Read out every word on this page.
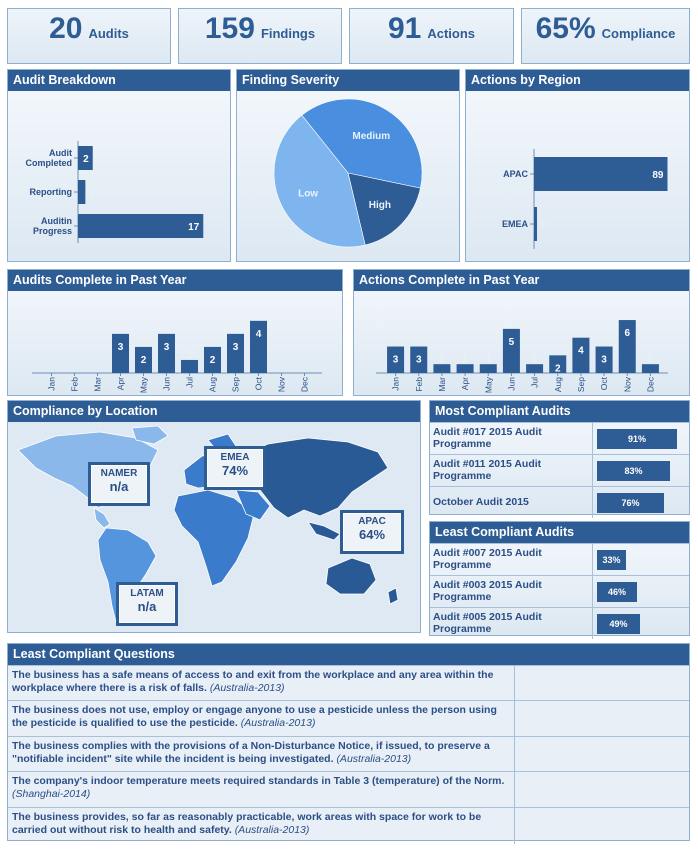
20 Audits	159 Findings 91 Actions 65% Compliance
Audit Breakdown
2
Audit
Completed
1
Reporting
17
Auditin
Progress
Finding Severity
Medium
High
Low
Actions by Region
89
APAC
2
EMEA
Audits Complete in Past Year
Jan Feb Mar
3
Apr
2
May
3
Jun
1
Jul
2
Aug
3
Sep
4
Oct Nov Dec
Actions Complete in Past Year
3
Jan
3
Feb
1
Mar
1
Apr
1
May
5
Jun
1
Jul
2
Aug
4
Sep
3
Oct
6
Nov
1
Dec
Compliance by Location
NAMER
n/a
EMEA
74%
APAC
64%
LATAM
n/a
Most Compliant Audits
Audit #017 2015 Audit Programme	91%
Audit #011 2015 Audit Programme	83%
October Audit 2015	76%
Least Compliant Audits
Audit #007 2015 Audit Programme	33%
Audit #003 2015 Audit Programme	46%
Audit #005 2015 Audit Programme	49%
Least Compliant Questions
The business has a safe means of access to and exit from the workplace and any area within the workplace where there is a risk of falls. (Australia-2013)
The business does not use, employ or engage anyone to use a pesticide unless the person using the pesticide is qualified to use the pesticide. (Australia-2013)
The business complies with the provisions of a Non-Disturbance Notice, if issued, to preserve a "notifiable incident" site while the incident is being investigated. (Australia-2013)
The company's indoor temperature meets required standards in Table 3 (temperature) of the Norm. (Shanghai-2014)
The business provides, so far as reasonably practicable, work areas with space for work to be carried out without risk to health and safety. (Australia-2013)
